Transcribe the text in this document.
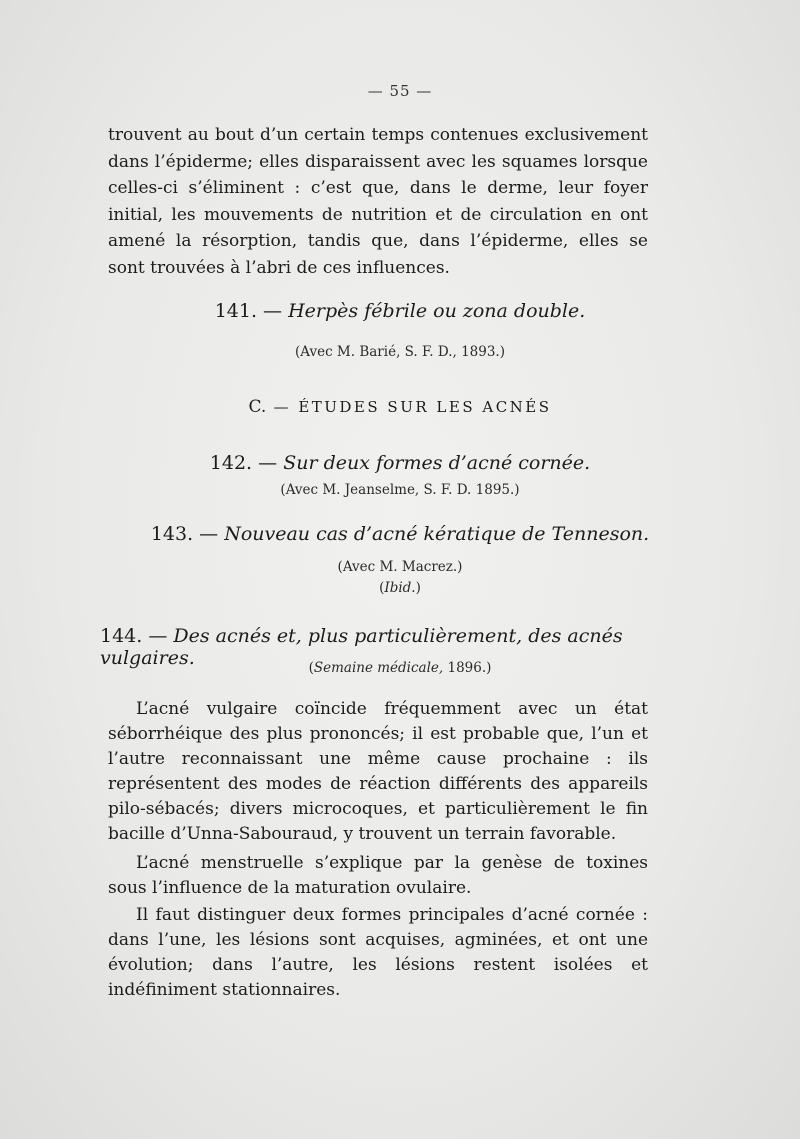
— 55 —

trouvent au bout d’un certain temps contenues exclusivement dans l’épiderme; elles disparaissent avec les squames lorsque celles-ci s’éliminent : c’est que, dans le derme, leur foyer initial, les mouvements de nutrition et de circulation en ont amené la résorption, tandis que, dans l’épiderme, elles se sont trouvées à l’abri de ces influences.

141. — Herpès fébrile ou zona double.

(Avec M. Barié, S. F. D., 1893.)

C. — ÉTUDES SUR LES ACNÉS

142. — Sur deux formes d’acné cornée.

(Avec M. Jeanselme, S. F. D. 1895.)

143. — Nouveau cas d’acné kératique de Tenneson.

(Avec M. Macrez.)

(Ibid.)

144. — Des acnés et, plus particulièrement, des acnés vulgaires.	(Semaine médicale, 1896.)

L’acné vulgaire coïncide fréquemment avec un état séborrhéique des plus prononcés; il est probable que, l’un et l’autre reconnaissant une même cause prochaine : ils représentent des modes de réaction différents des appareils pilo-sébacés; divers microcoques, et particulièrement le fin bacille d’Unna-Sabouraud, y trouvent un terrain favorable.

L’acné menstruelle s’explique par la genèse de toxines sous l’influence de la maturation ovulaire.

Il faut distinguer deux formes principales d’acné cornée : dans l’une, les lésions sont acquises, agminées, et ont une évolution; dans l’autre, les lésions restent isolées et indéfiniment stationnaires.
